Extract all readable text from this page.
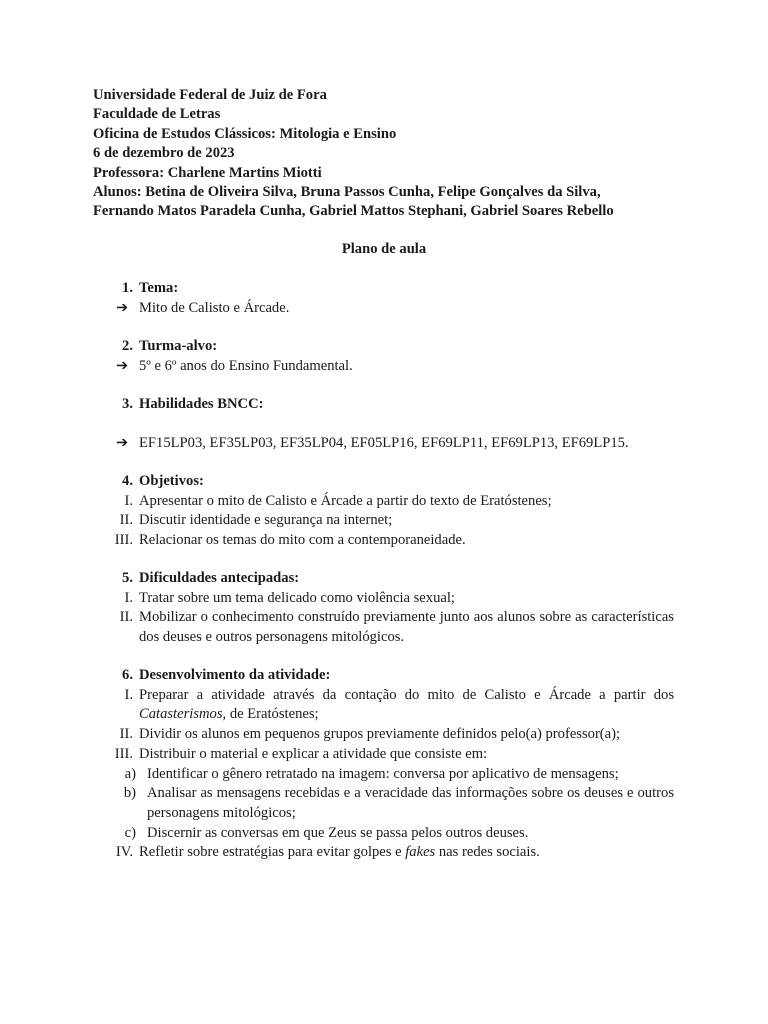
Universidade Federal de Juiz de Fora
Faculdade de Letras
Oficina de Estudos Clássicos: Mitologia e Ensino
6 de dezembro de 2023
Professora: Charlene Martins Miotti
Alunos: Betina de Oliveira Silva, Bruna Passos Cunha, Felipe Gonçalves da Silva,
Fernando Matos Paradela Cunha, Gabriel Mattos Stephani, Gabriel Soares Rebello
Plano de aula
1. Tema:
➔ Mito de Calisto e Árcade.
2. Turma-alvo:
➔ 5º e 6º anos do Ensino Fundamental.
3. Habilidades BNCC:
➔ EF15LP03, EF35LP03, EF35LP04, EF05LP16, EF69LP11, EF69LP13, EF69LP15.
4. Objetivos:
I. Apresentar o mito de Calisto e Árcade a partir do texto de Eratóstenes;
II. Discutir identidade e segurança na internet;
III. Relacionar os temas do mito com a contemporaneidade.
5. Dificuldades antecipadas:
I. Tratar sobre um tema delicado como violência sexual;
II. Mobilizar o conhecimento construído previamente junto aos alunos sobre as características dos deuses e outros personagens mitológicos.
6. Desenvolvimento da atividade:
I. Preparar a atividade através da contação do mito de Calisto e Árcade a partir dos Catasterismos, de Eratóstenes;
II. Dividir os alunos em pequenos grupos previamente definidos pelo(a) professor(a);
III. Distribuir o material e explicar a atividade que consiste em:
a) Identificar o gênero retratado na imagem: conversa por aplicativo de mensagens;
b) Analisar as mensagens recebidas e a veracidade das informações sobre os deuses e outros personagens mitológicos;
c) Discernir as conversas em que Zeus se passa pelos outros deuses.
IV. Refletir sobre estratégias para evitar golpes e fakes nas redes sociais.
